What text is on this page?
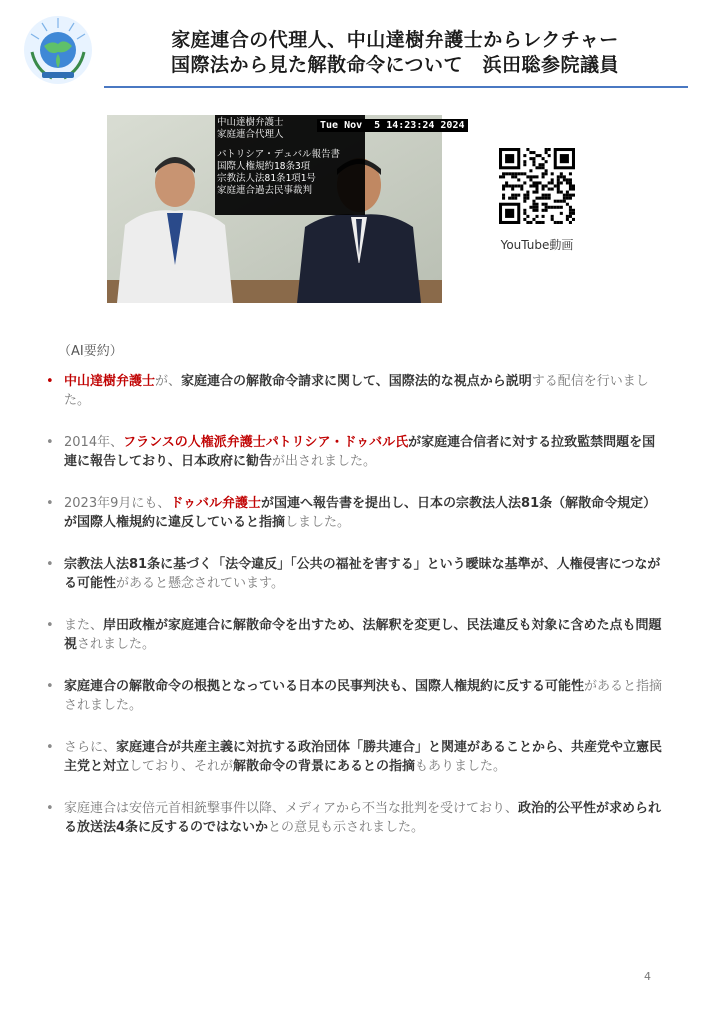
家庭連合の代理人、中山達樹弁護士からレクチャー
国際法から見た解散命令について　浜田聡参院議員
中山達樹弁護士
家庭連合代理人
パトリシア・デュバル報告書
国際人権規約18条3項
宗教法人法81条1項1号
家庭連合過去民事裁判
Tue Nov  5 14:23:24 2024
YouTube動画
（AI要約）
• 中山達樹弁護士が、家庭連合の解散命令請求に関して、国際法的な視点から説明する配信を行いました。
• 2014年、フランスの人権派弁護士パトリシア・ドゥバル氏が家庭連合信者に対する拉致監禁問題を国連に報告しており、日本政府に勧告が出されました。
• 2023年9月にも、ドゥバル弁護士が国連へ報告書を提出し、日本の宗教法人法81条（解散命令規定）が国際人権規約に違反していると指摘しました。
• 宗教法人法81条に基づく「法令違反」「公共の福祉を害する」という曖昧な基準が、人権侵害につながる可能性があると懸念されています。
• また、岸田政権が家庭連合に解散命令を出すため、法解釈を変更し、民法違反も対象に含めた点も問題視されました。
• 家庭連合の解散命令の根拠となっている日本の民事判決も、国際人権規約に反する可能性があると指摘されました。
• さらに、家庭連合が共産主義に対抗する政治団体「勝共連合」と関連があることから、共産党や立憲民主党と対立しており、それが解散命令の背景にあるとの指摘もありました。
• 家庭連合は安倍元首相銃撃事件以降、メディアから不当な批判を受けており、政治的公平性が求められる放送法4条に反するのではないかとの意見も示されました。
4
